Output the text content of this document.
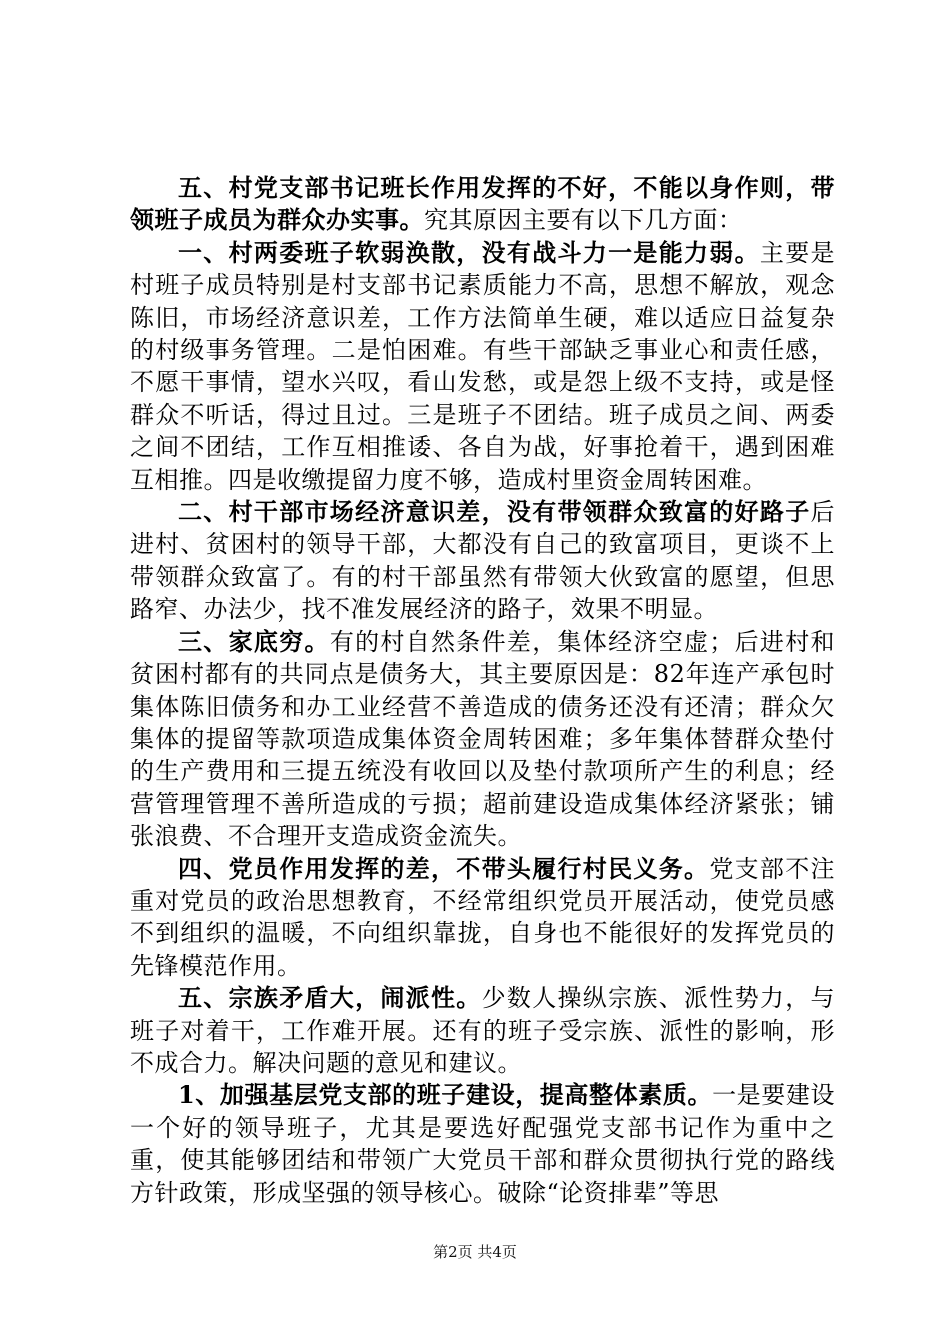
五、村党支部书记班长作用发挥的不好，不能以身作则，带领班子成员为群众办实事。究其原因主要有以下几方面：

一、村两委班子软弱涣散，没有战斗力一是能力弱。主要是村班子成员特别是村支部书记素质能力不高，思想不解放，观念陈旧，市场经济意识差，工作方法简单生硬，难以适应日益复杂的村级事务管理。二是怕困难。有些干部缺乏事业心和责任感，不愿干事情，望水兴叹，看山发愁，或是怨上级不支持，或是怪群众不听话，得过且过。三是班子不团结。班子成员之间、两委之间不团结，工作互相推诿、各自为战，好事抢着干，遇到困难互相推。四是收缴提留力度不够，造成村里资金周转困难。

二、村干部市场经济意识差，没有带领群众致富的好路子后进村、贫困村的领导干部，大都没有自己的致富项目，更谈不上带领群众致富了。有的村干部虽然有带领大伙致富的愿望，但思路窄、办法少，找不准发展经济的路子，效果不明显。

三、家底穷。有的村自然条件差，集体经济空虚；后进村和贫困村都有的共同点是债务大，其主要原因是：82年连产承包时集体陈旧债务和办工业经营不善造成的债务还没有还清；群众欠集体的提留等款项造成集体资金周转困难；多年集体替群众垫付的生产费用和三提五统没有收回以及垫付款项所产生的利息；经营管理管理不善所造成的亏损；超前建设造成集体经济紧张；铺张浪费、不合理开支造成资金流失。

四、党员作用发挥的差，不带头履行村民义务。党支部不注重对党员的政治思想教育，不经常组织党员开展活动，使党员感不到组织的温暖，不向组织靠拢，自身也不能很好的发挥党员的先锋模范作用。

五、宗族矛盾大，闹派性。少数人操纵宗族、派性势力，与班子对着干，工作难开展。还有的班子受宗族、派性的影响，形不成合力。解决问题的意见和建议。

1、加强基层党支部的班子建设，提高整体素质。一是要建设一个好的领导班子，尤其是要选好配强党支部书记作为重中之重，使其能够团结和带领广大党员干部和群众贯彻执行党的路线方针政策，形成坚强的领导核心。破除“论资排辈”等思

第2页 共4页
